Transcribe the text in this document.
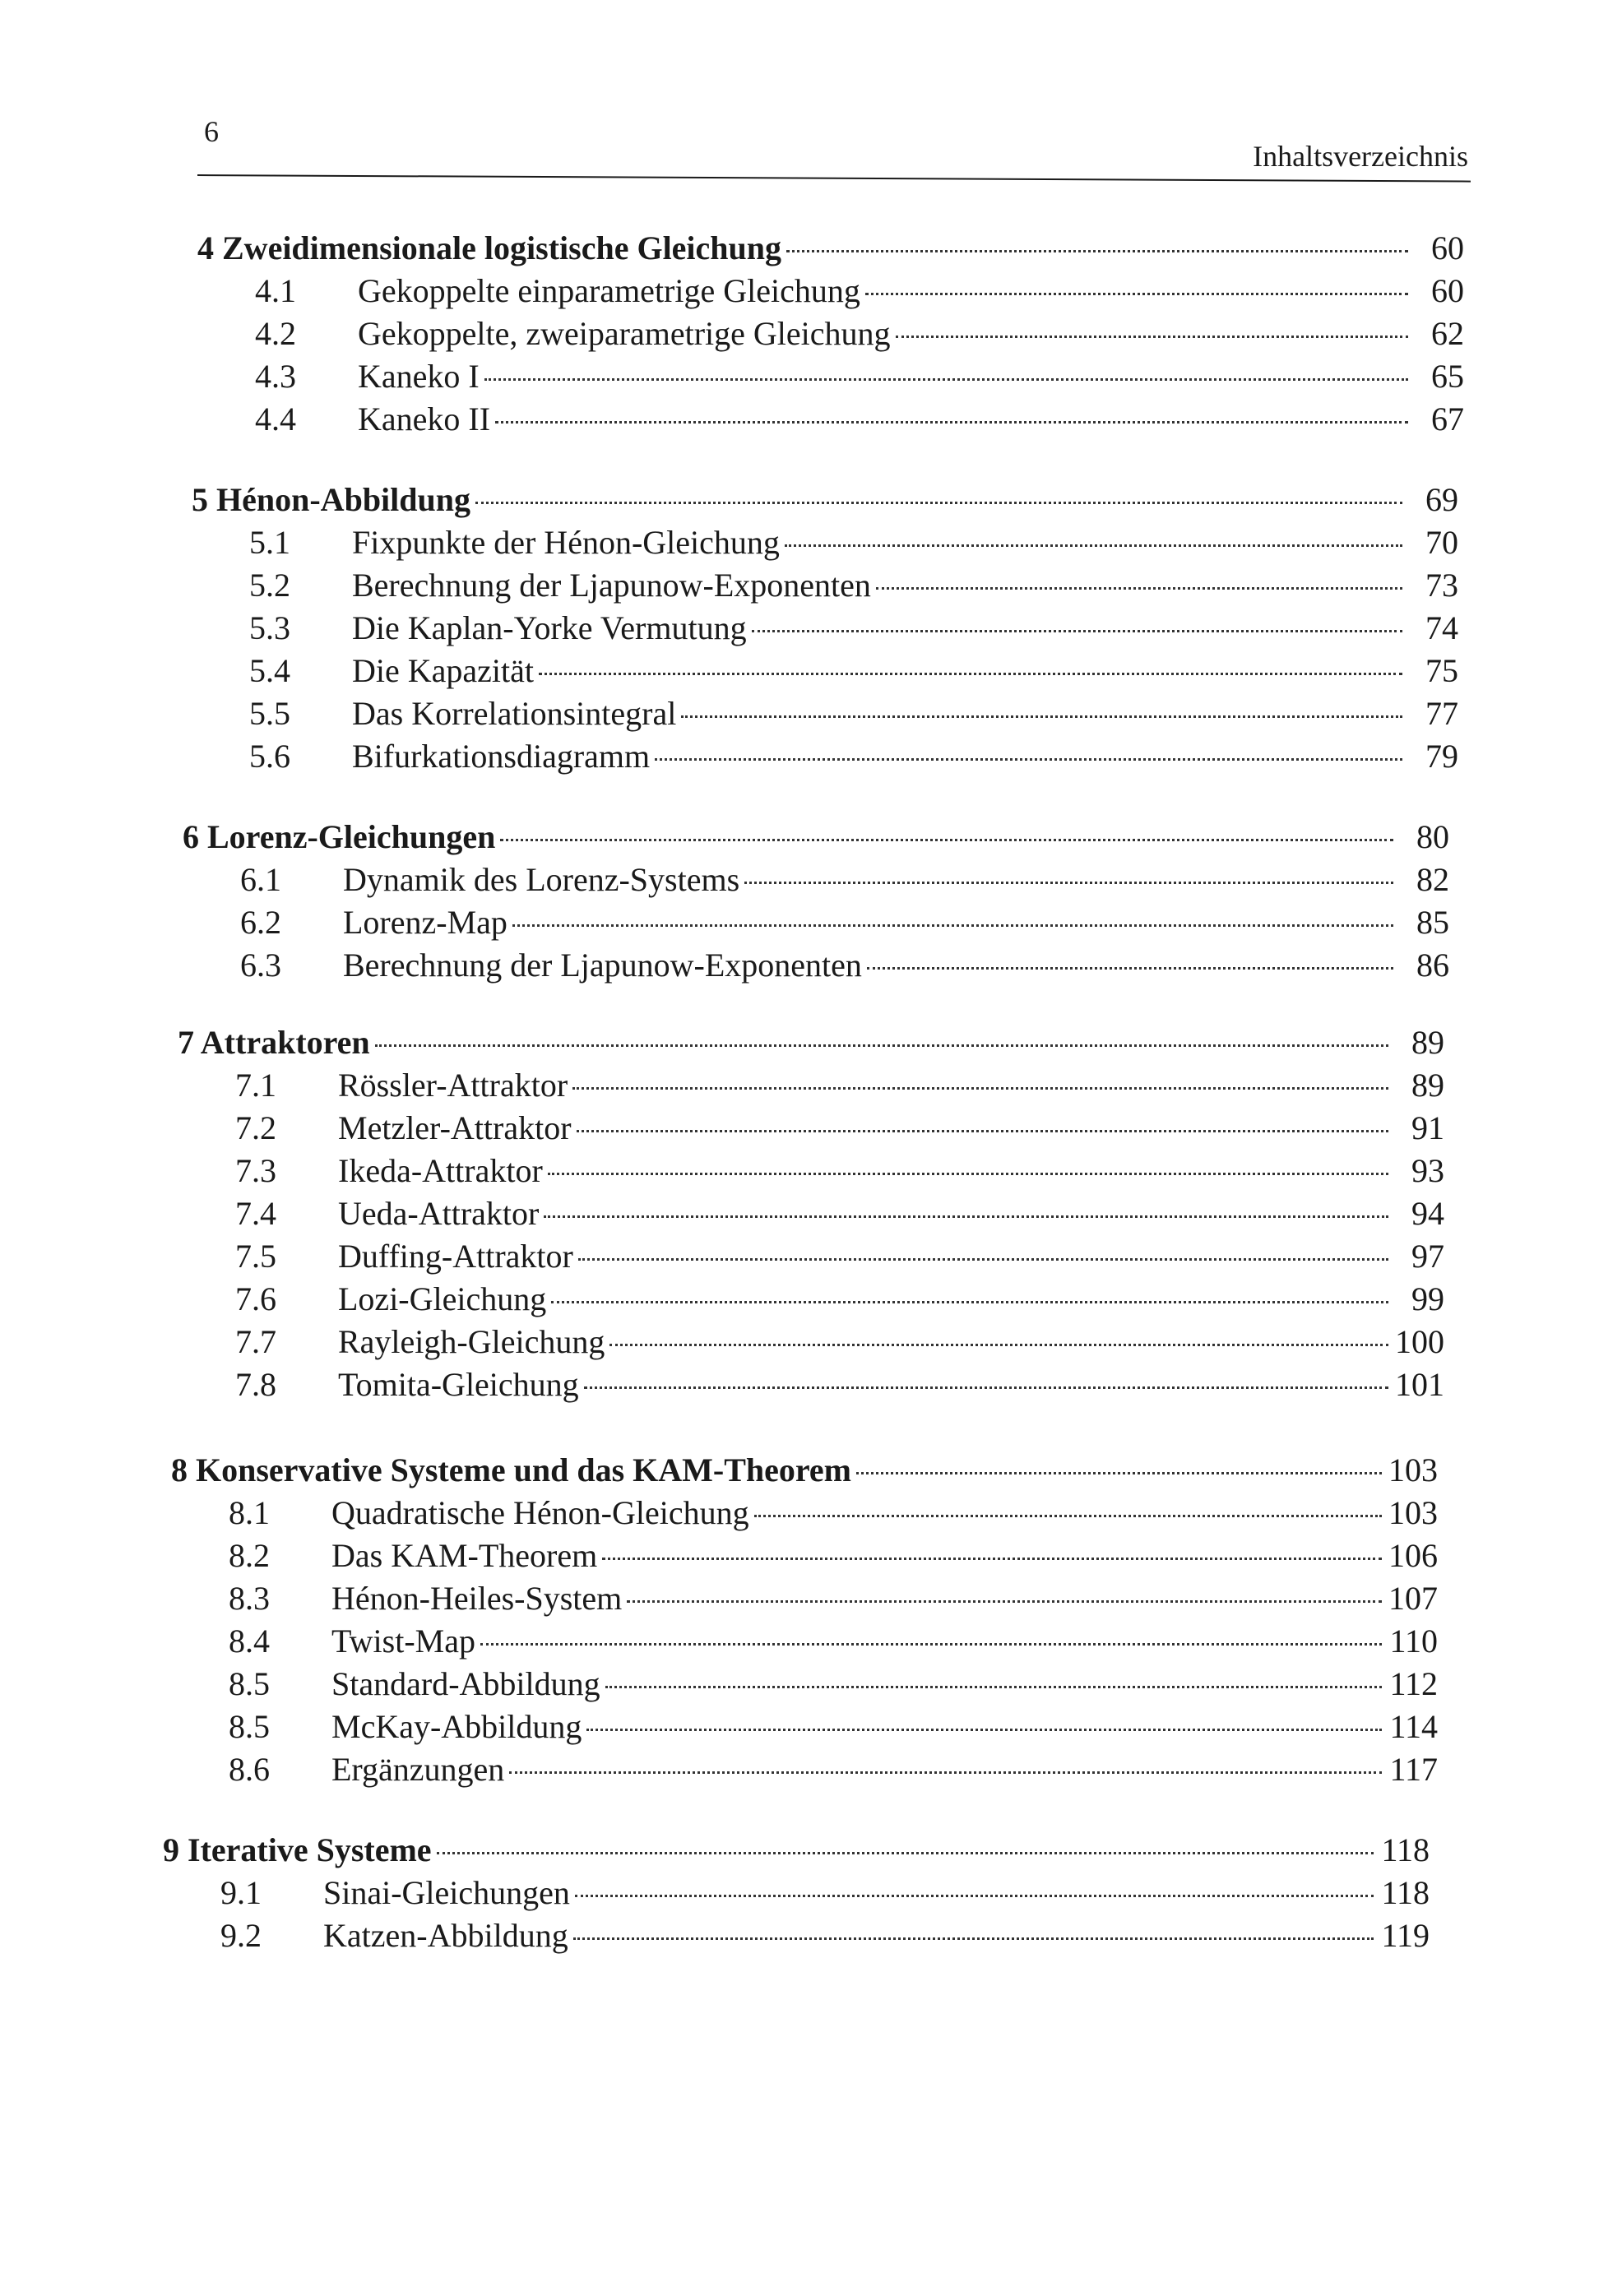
6
Inhaltsverzeichnis
4 Zweidimensionale logistische Gleichung	60
4.1	Gekoppelte einparametrige Gleichung	60
4.2	Gekoppelte, zweiparametrige Gleichung	62
4.3	Kaneko I	65
4.4	Kaneko II	67
5 Hénon-Abbildung	69
5.1	Fixpunkte der Hénon-Gleichung	70
5.2	Berechnung der Ljapunow-Exponenten	73
5.3	Die Kaplan-Yorke Vermutung	74
5.4	Die Kapazität	75
5.5	Das Korrelationsintegral	77
5.6	Bifurkationsdiagramm	79
6 Lorenz-Gleichungen	80
6.1	Dynamik des Lorenz-Systems	82
6.2	Lorenz-Map	85
6.3	Berechnung der Ljapunow-Exponenten	86
7 Attraktoren	89
7.1	Rössler-Attraktor	89
7.2	Metzler-Attraktor	91
7.3	Ikeda-Attraktor	93
7.4	Ueda-Attraktor	94
7.5	Duffing-Attraktor	97
7.6	Lozi-Gleichung	99
7.7	Rayleigh-Gleichung	100
7.8	Tomita-Gleichung	101
8 Konservative Systeme und das KAM-Theorem	103
8.1	Quadratische Hénon-Gleichung	103
8.2	Das KAM-Theorem	106
8.3	Hénon-Heiles-System	107
8.4	Twist-Map	110
8.5	Standard-Abbildung	112
8.5	McKay-Abbildung	114
8.6	Ergänzungen	117
9 Iterative Systeme	118
9.1	Sinai-Gleichungen	118
9.2	Katzen-Abbildung	119
